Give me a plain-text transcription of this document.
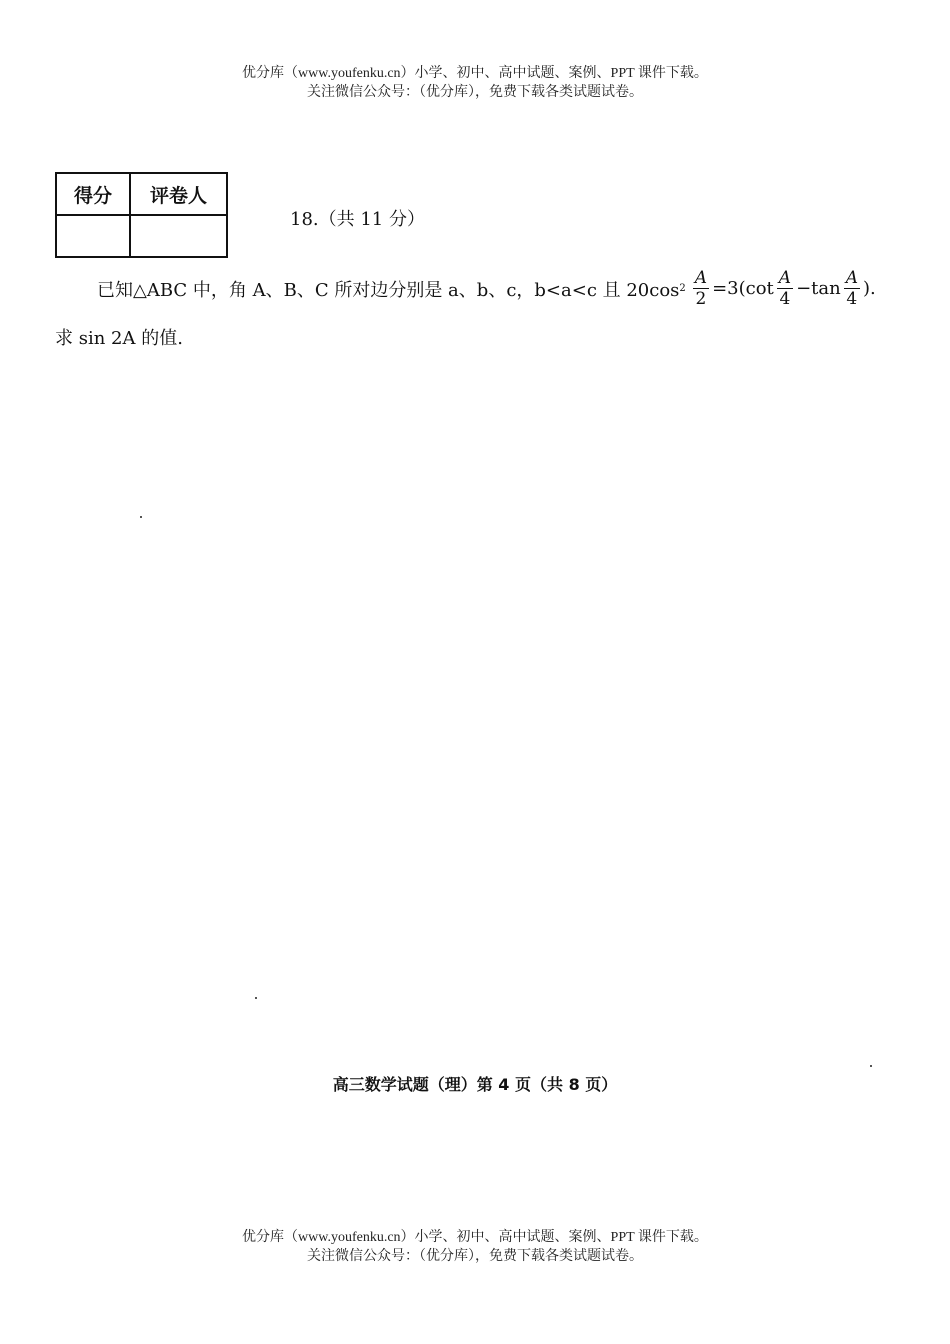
优分库（www.youfenku.cn）小学、初中、高中试题、案例、PPT 课件下载。
关注微信公众号：（优分库），免费下载各类试题试卷。
得分	评卷人

18.（共 11 分）
已知△ABC 中，角 A、B、C 所对边分别是 a、b、c，b<a<c 且 20cos $2 \frac{A}{2} =3(\cot \frac{A}{4} -\tan \frac{A}{4}$ ).
求 sin 2A 的值.
高三数学试题（理）第 4 页（共 8 页）
优分库（www.youfenku.cn）小学、初中、高中试题、案例、PPT 课件下载。
关注微信公众号：（优分库），免费下载各类试题试卷。
